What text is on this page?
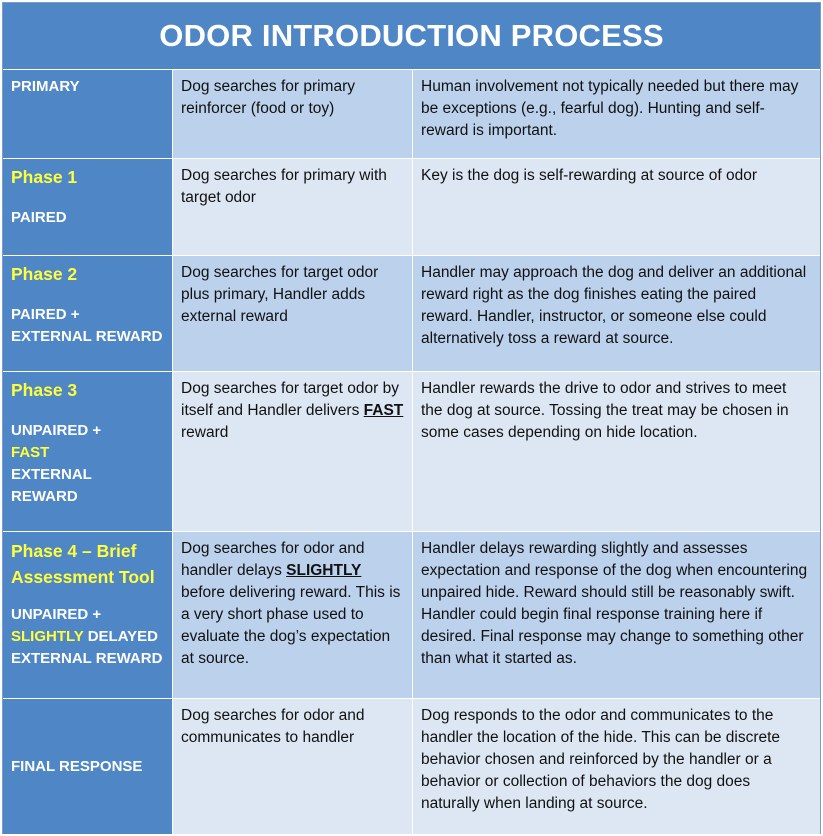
ODOR INTRODUCTION PROCESS
PRIMARY	Dog searches for primary reinforcer (food or toy)
Human involvement not typically needed but there may be exceptions (e.g., fearful dog). Hunting and self-reward is important.
Phase 1
PAIRED
Dog searches for primary with target odor
Key is the dog is self-rewarding at source of odor
Phase 2
PAIRED +
EXTERNAL REWARD
Dog searches for target odor plus primary, Handler adds external reward
Handler may approach the dog and deliver an additional reward right as the dog finishes eating the paired reward. Handler, instructor, or someone else could alternatively toss a reward at source.
Phase 3
UNPAIRED +
FAST
EXTERNAL
REWARD
Dog searches for target odor by itself and Handler delivers FAST reward
Handler rewards the drive to odor and strives to meet the dog at source. Tossing the treat may be chosen in some cases depending on hide location.
Phase 4 – Brief Assessment Tool
UNPAIRED +
SLIGHTLY DELAYED
EXTERNAL REWARD
Dog searches for odor and handler delays SLIGHTLY before delivering reward. This is a very short phase used to evaluate the dog’s expectation at source.
Handler delays rewarding slightly and assesses expectation and response of the dog when encountering unpaired hide. Reward should still be reasonably swift. Handler could begin final response training here if desired. Final response may change to something other than what it started as.
FINAL RESPONSE
Dog searches for odor and communicates to handler
Dog responds to the odor and communicates to the handler the location of the hide. This can be discrete behavior chosen and reinforced by the handler or a behavior or collection of behaviors the dog does naturally when landing at source.
